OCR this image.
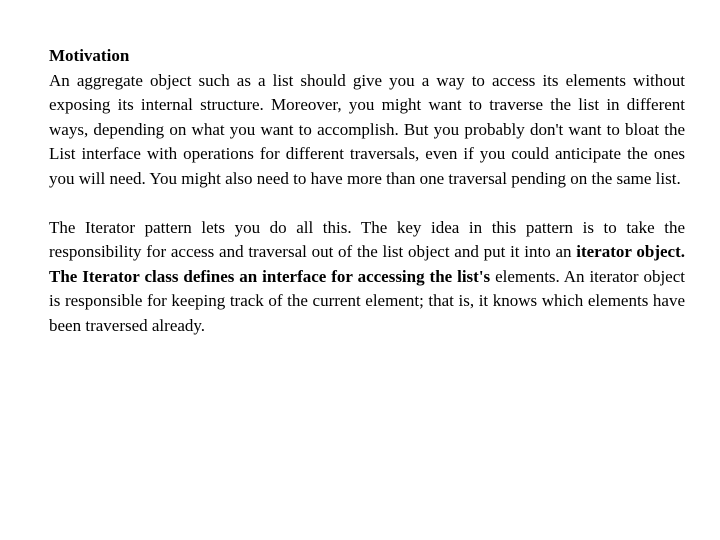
Motivation

An aggregate object such as a list should give you a way to access its elements without exposing its internal structure. Moreover, you might want to traverse the list in different ways, depending on what you want to accomplish. But you probably don't want to bloat the List interface with operations for different traversals, even if you could anticipate the ones you will need. You might also need to have more than one traversal pending on the same list.

The Iterator pattern lets you do all this. The key idea in this pattern is to take the responsibility for access and traversal out of the list object and put it into an iterator object. The Iterator class defines an interface for accessing the list's elements. An iterator object is responsible for keeping track of the current element; that is, it knows which elements have been traversed already.
